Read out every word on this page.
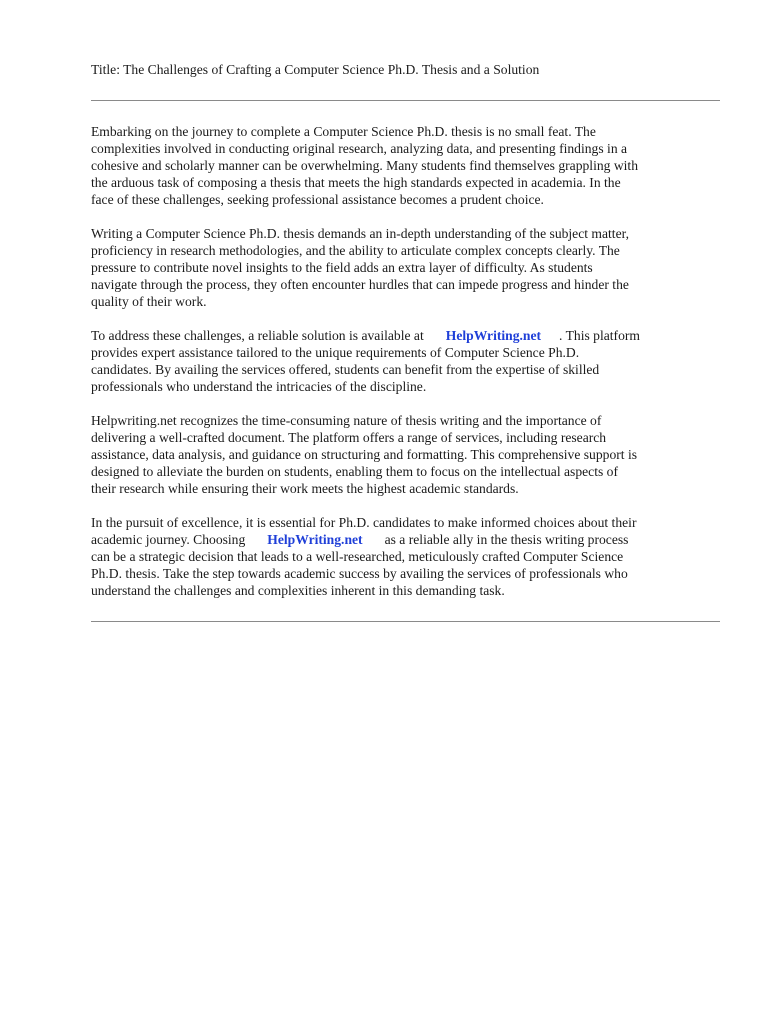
Title: The Challenges of Crafting a Computer Science Ph.D. Thesis and a Solution

Embarking on the journey to complete a Computer Science Ph.D. thesis is no small feat. The
complexities involved in conducting original research, analyzing data, and presenting findings in a
cohesive and scholarly manner can be overwhelming. Many students find themselves grappling with
the arduous task of composing a thesis that meets the high standards expected in academia. In the
face of these challenges, seeking professional assistance becomes a prudent choice.

Writing a Computer Science Ph.D. thesis demands an in-depth understanding of the subject matter,
proficiency in research methodologies, and the ability to articulate complex concepts clearly. The
pressure to contribute novel insights to the field adds an extra layer of difficulty. As students
navigate through the process, they often encounter hurdles that can impede progress and hinder the
quality of their work.

To address these challenges, a reliable solution is available at HelpWriting.net . This platform
provides expert assistance tailored to the unique requirements of Computer Science Ph.D.
candidates. By availing the services offered, students can benefit from the expertise of skilled
professionals who understand the intricacies of the discipline.

Helpwriting.net recognizes the time-consuming nature of thesis writing and the importance of
delivering a well-crafted document. The platform offers a range of services, including research
assistance, data analysis, and guidance on structuring and formatting. This comprehensive support is
designed to alleviate the burden on students, enabling them to focus on the intellectual aspects of
their research while ensuring their work meets the highest academic standards.

In the pursuit of excellence, it is essential for Ph.D. candidates to make informed choices about their
academic journey. Choosing HelpWriting.net as a reliable ally in the thesis writing process
can be a strategic decision that leads to a well-researched, meticulously crafted Computer Science
Ph.D. thesis. Take the step towards academic success by availing the services of professionals who
understand the challenges and complexities inherent in this demanding task.
